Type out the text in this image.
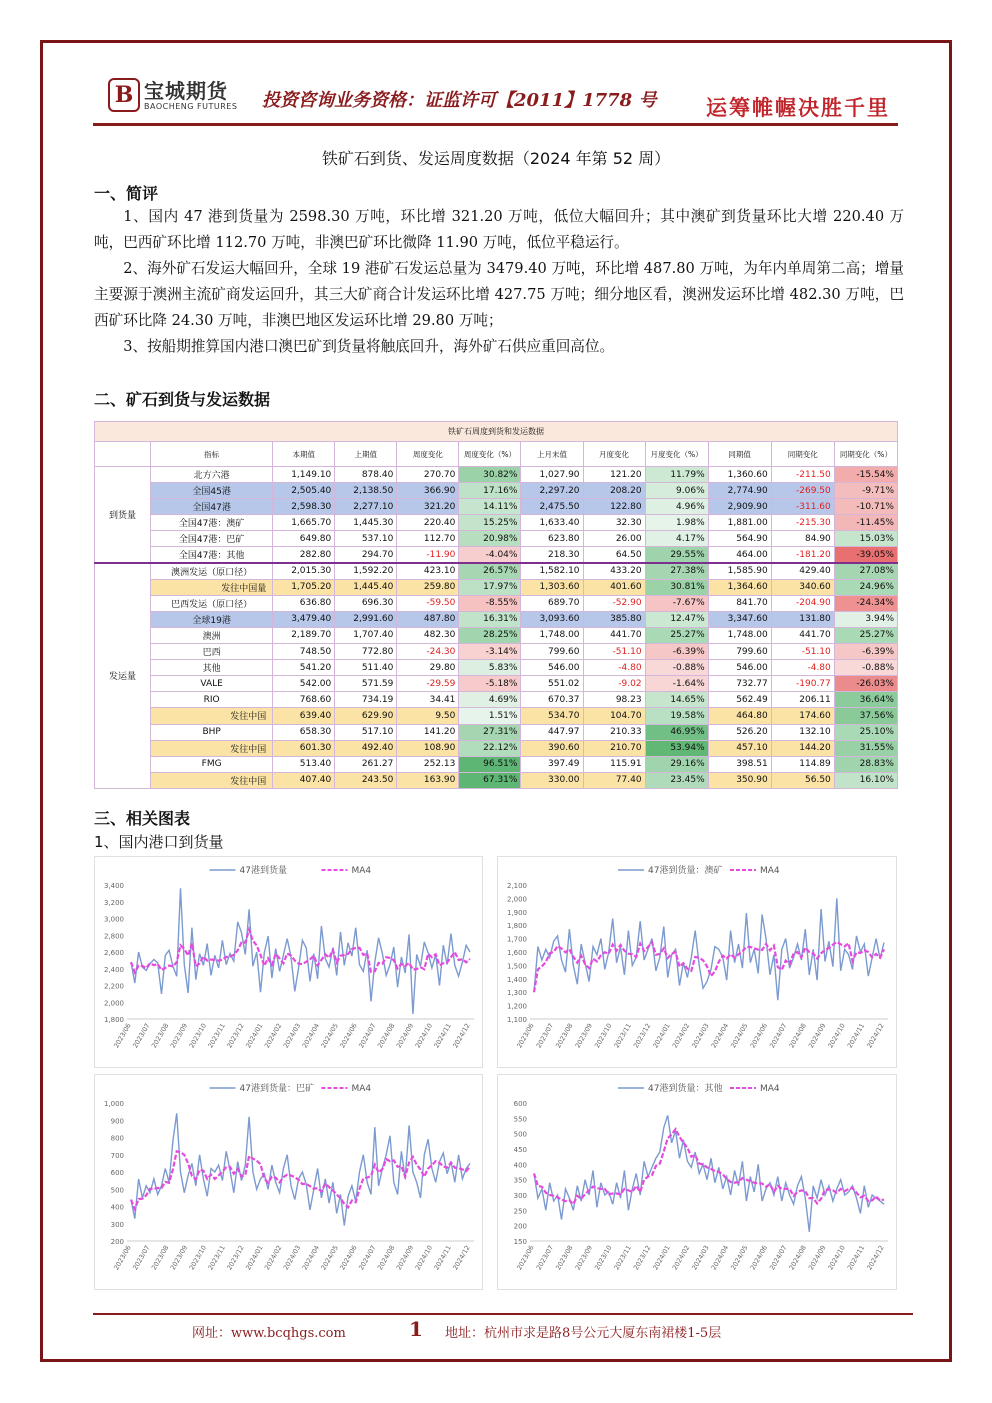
B 宝城期货
BAOCHENG FUTURES 投资咨询业务资格：证监许可【2011】1778 号 运筹帷幄决胜千里
铁矿石到货、发运周度数据（2024 年第 52 周）
一、简评
1、国内 47 港到货量为 2598.30 万吨，环比增 321.20 万吨，低位大幅回升；其中澳矿到货量环比大增 220.40 万吨，巴西矿环比增 112.70 万吨，非澳巴矿环比微降 11.90 万吨，低位平稳运行。
2、海外矿石发运大幅回升，全球 19 港矿石发运总量为 3479.40 万吨，环比增 487.80 万吨，为年内单周第二高；增量主要源于澳洲主流矿商发运回升，其三大矿商合计发运环比增 427.75 万吨；细分地区看，澳洲发运环比增 482.30 万吨，巴西矿环比降 24.30 万吨，非澳巴地区发运环比增 29.80 万吨；
3、按船期推算国内港口澳巴矿到货量将触底回升，海外矿石供应重回高位。
二、矿石到货与发运数据
铁矿石周度到货和发运数据											
	指标	本期值	上期值	周度变化	周度变化（%）	上月末值	月度变化	月度变化（%）	同期值	同期变化	同期变化（%）
到货量	北方六港	1,149.10	878.40	270.70	30.82%	1,027.90	121.20	11.79%	1,360.60	-211.50	-15.54%
	全国45港	2,505.40	2,138.50	366.90	17.16%	2,297.20	208.20	9.06%	2,774.90	-269.50	-9.71%
	全国47港	2,598.30	2,277.10	321.20	14.11%	2,475.50	122.80	4.96%	2,909.90	-311.60	-10.71%
	全国47港：澳矿	1,665.70	1,445.30	220.40	15.25%	1,633.40	32.30	1.98%	1,881.00	-215.30	-11.45%
	全国47港：巴矿	649.80	537.10	112.70	20.98%	623.80	26.00	4.17%	564.90	84.90	15.03%
	全国47港：其他	282.80	294.70	-11.90	-4.04%	218.30	64.50	29.55%	464.00	-181.20	-39.05%
发运量	澳洲发运（原口径）	2,015.30	1,592.20	423.10	26.57%	1,582.10	433.20	27.38%	1,585.90	429.40	27.08%
	发往中国量	1,705.20	1,445.40	259.80	17.97%	1,303.60	401.60	30.81%	1,364.60	340.60	24.96%
	巴西发运（原口径）	636.80	696.30	-59.50	-8.55%	689.70	-52.90	-7.67%	841.70	-204.90	-24.34%
	全球19港	3,479.40	2,991.60	487.80	16.31%	3,093.60	385.80	12.47%	3,347.60	131.80	3.94%
	澳洲	2,189.70	1,707.40	482.30	28.25%	1,748.00	441.70	25.27%	1,748.00	441.70	25.27%
	巴西	748.50	772.80	-24.30	-3.14%	799.60	-51.10	-6.39%	799.60	-51.10	-6.39%
	其他	541.20	511.40	29.80	5.83%	546.00	-4.80	-0.88%	546.00	-4.80	-0.88%
	VALE	542.00	571.59	-29.59	-5.18%	551.02	-9.02	-1.64%	732.77	-190.77	-26.03%
	RIO	768.60	734.19	34.41	4.69%	670.37	98.23	14.65%	562.49	206.11	36.64%
	发往中国	639.40	629.90	9.50	1.51%	534.70	104.70	19.58%	464.80	174.60	37.56%
	BHP	658.30	517.10	141.20	27.31%	447.97	210.33	46.95%	526.20	132.10	25.10%
	发往中国	601.30	492.40	108.90	22.12%	390.60	210.70	53.94%	457.10	144.20	31.55%
	FMG	513.40	261.27	252.13	96.51%	397.49	115.91	29.16%	398.51	114.89	28.83%
	发往中国	407.40	243.50	163.90	67.31%	330.00	77.40	23.45%	350.90	56.50	16.10%
三、相关图表
1、国内港口到货量
47港到货量	MA4
1,800
2,000
2,200
2,400
2,600
2,800
3,000
3,200
3,400
2023/06
2023/07
2023/08
2023/09
2023/10
2023/11
2023/12
2024/01
2024/02
2024/03
2024/04
2024/05
2024/06
2024/07
2024/08
2024/09
2024/10
2024/11
2024/12
47港到货量：澳矿	MA4
1,100
1,200
1,300
1,400
1,500
1,600
1,700
1,800
1,900
2,000
2,100
2023/06 2023/07 2023/08 2023/09 2023/10 2023/11 2023/12 2024/01 2024/02 2024/03 2024/04 2024/05 2024/06 2024/07 2024/08 2024/09 2024/10 2024/11 2024/12
47港到货量：巴矿	MA4
200
300
400
500
600
700
800
900
1,000
2023/06
2023/07
2023/08
2023/09
2023/10
2023/11
2023/12
2024/01
2024/02
2024/03
2024/04
2024/05
2024/06
2024/07
2024/08
2024/09
2024/10
2024/11
2024/12
47港到货量：其他	MA4
150
200
250
300
350
400
450
500
550
600
2023/06 2023/07 2023/08 2023/09 2023/10 2023/11 2023/12 2024/01 2024/02 2024/03 2024/04 2024/05 2024/06 2024/07 2024/08 2024/09 2024/10 2024/11 2024/12
网址：www.bcqhgs.com	1 地址：杭州市求是路8号公元大厦东南裙楼1-5层
